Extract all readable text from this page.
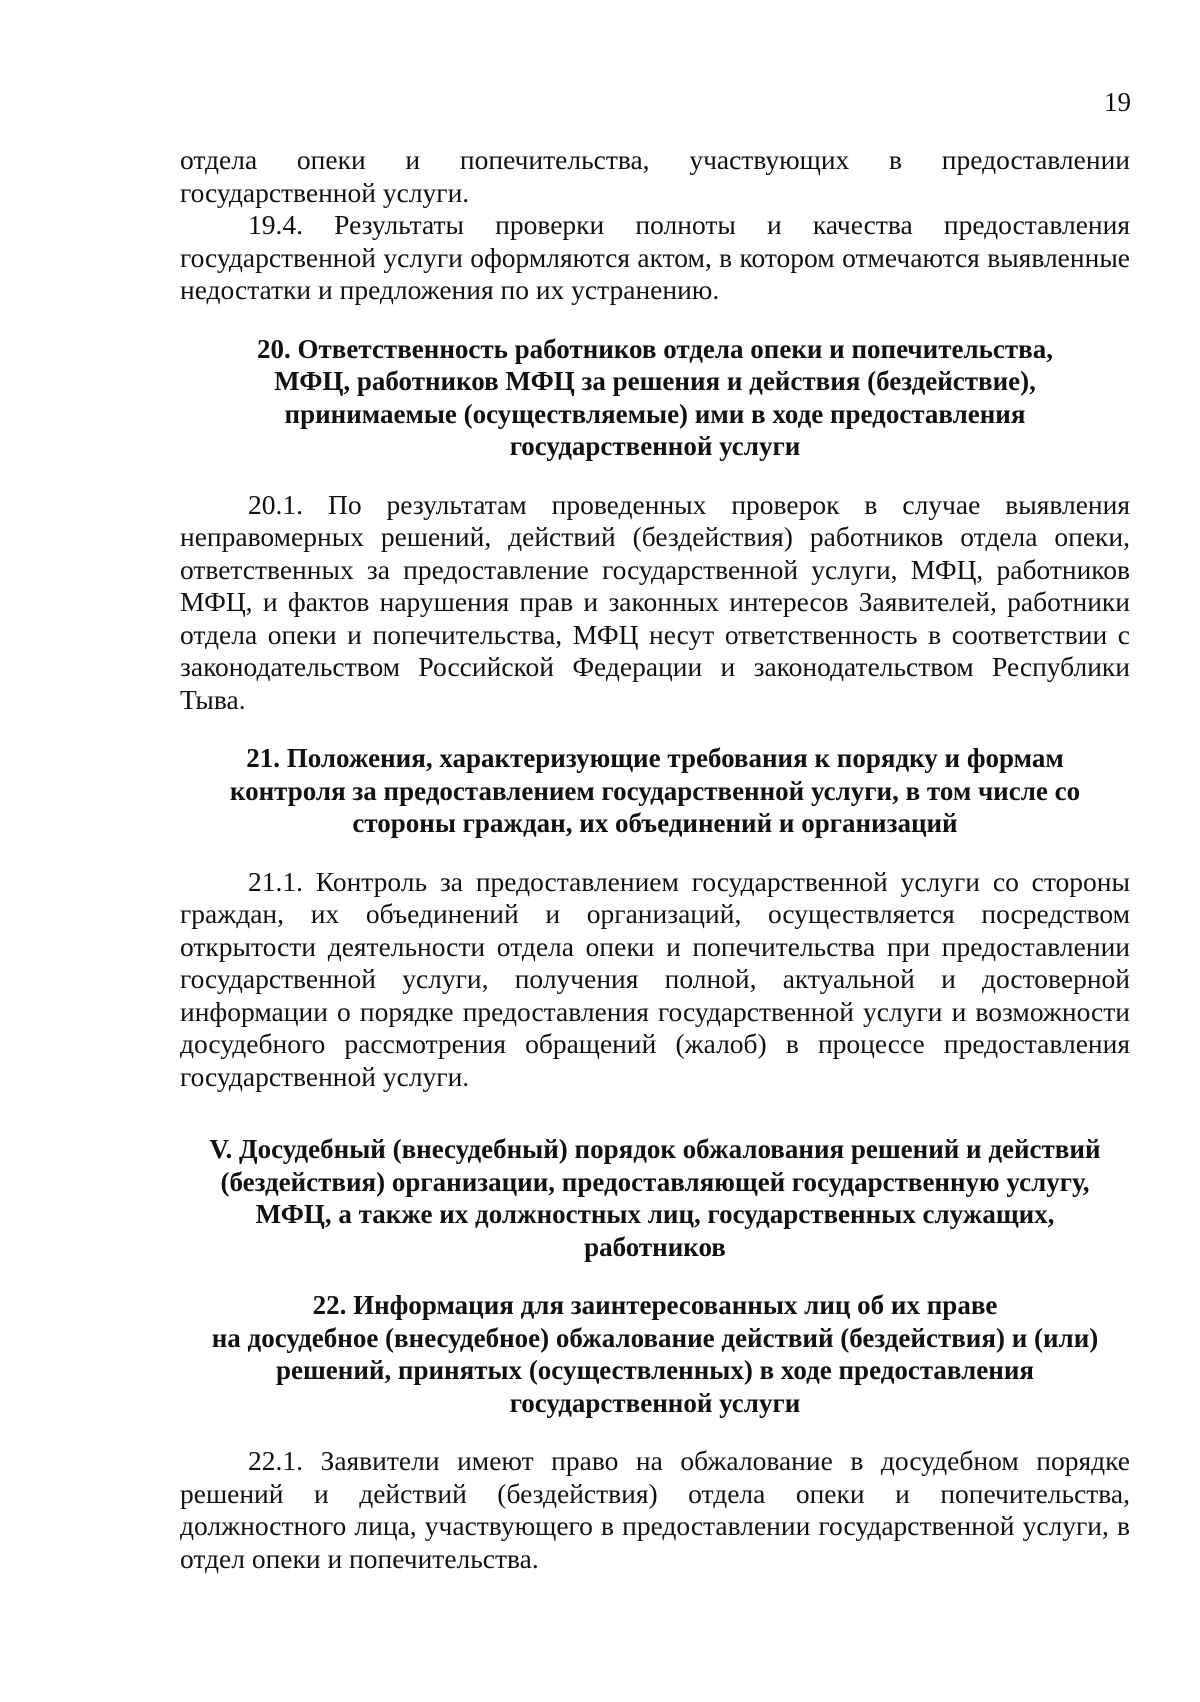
19

отдела опеки и попечительства, участвующих в предоставлении государственной услуги.

19.4. Результаты проверки полноты и качества предоставления государственной услуги оформляются актом, в котором отмечаются выявленные недостатки и предложения по их устранению.

20. Ответственность работников отдела опеки и попечительства,
МФЦ, работников МФЦ за решения и действия (бездействие),
принимаемые (осуществляемые) ими в ходе предоставления
государственной услуги

20.1. По результатам проведенных проверок в случае выявления неправомерных решений, действий (бездействия) работников отдела опеки, ответственных за предоставление государственной услуги, МФЦ, работников МФЦ, и фактов нарушения прав и законных интересов Заявителей, работники отдела опеки и попечительства, МФЦ несут ответственность в соответствии с законодательством Российской Федерации и законодательством Республики Тыва.

21. Положения, характеризующие требования к порядку и формам
контроля за предоставлением государственной услуги, в том числе со
стороны граждан, их объединений и организаций

21.1. Контроль за предоставлением государственной услуги со стороны граждан, их объединений и организаций, осуществляется посредством открытости деятельности отдела опеки и попечительства при предоставлении государственной услуги, получения полной, актуальной и достоверной информации о порядке предоставления государственной услуги и возможности досудебного рассмотрения обращений (жалоб) в процессе предоставления государственной услуги.

V. Досудебный (внесудебный) порядок обжалования решений и действий
(бездействия) организации, предоставляющей государственную услугу,
МФЦ, а также их должностных лиц, государственных служащих,
работников
22. Информация для заинтересованных лиц об их праве
на досудебное (внесудебное) обжалование действий (бездействия) и (или)
решений, принятых (осуществленных) в ходе предоставления
государственной услуги

22.1. Заявители имеют право на обжалование в досудебном порядке решений и действий (бездействия) отдела опеки и попечительства, должностного лица, участвующего в предоставлении государственной услуги, в отдел опеки и попечительства.
